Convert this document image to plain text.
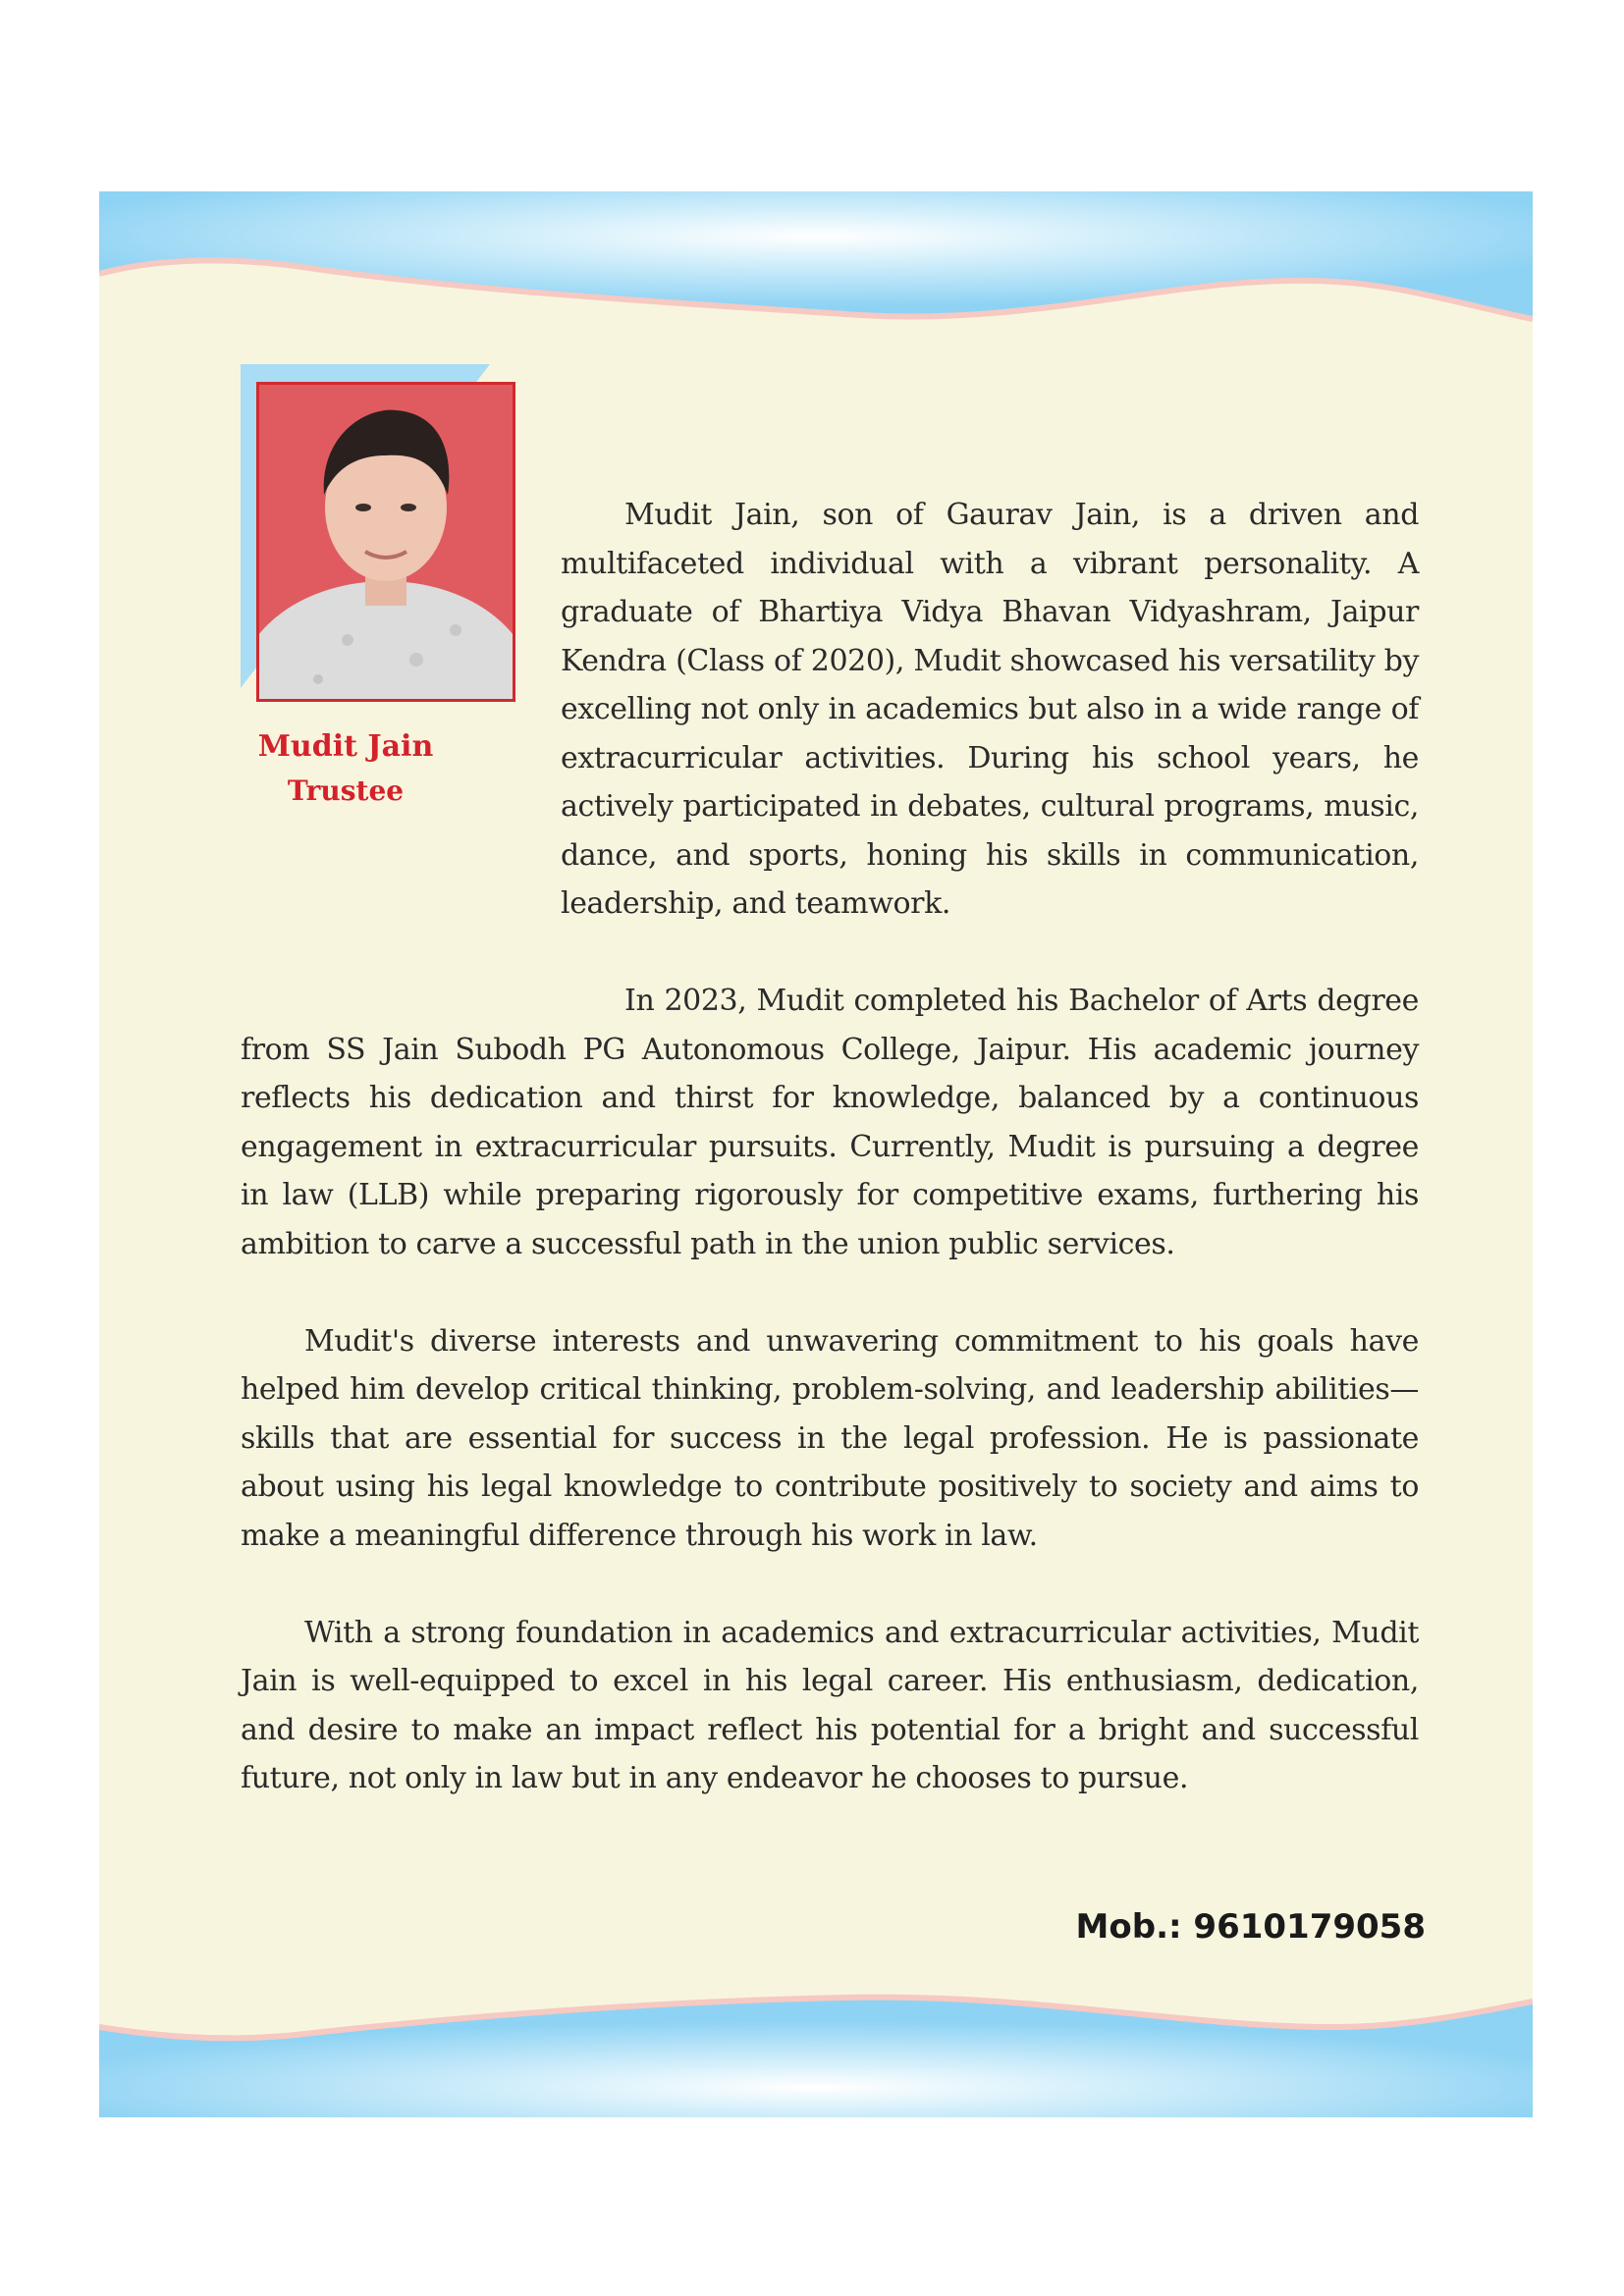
Mudit Jain
Trustee

Mudit Jain, son of Gaurav Jain, is a driven and multifaceted individual with a vibrant personality. A graduate of Bhartiya Vidya Bhavan Vidyashram, Jaipur Kendra (Class of 2020), Mudit showcased his versatility by excelling not only in academics but also in a wide range of extracurricular activities. During his school years, he actively participated in debates, cultural programs, music, dance, and sports, honing his skills in communication, leadership, and teamwork.

In 2023, Mudit completed his Bachelor of Arts degree from SS Jain Subodh PG Autonomous College, Jaipur. His academic journey reflects his dedication and thirst for knowledge, balanced by a continuous engagement in extracurricular pursuits. Currently, Mudit is pursuing a degree in law (LLB) while preparing rigorously for competitive exams, furthering his ambition to carve a successful path in the union public services.

Mudit's diverse interests and unwavering commitment to his goals have helped him develop critical thinking, problem-solving, and leadership abilities—skills that are essential for success in the legal profession. He is passionate about using his legal knowledge to contribute positively to society and aims to make a meaningful difference through his work in law.

With a strong foundation in academics and extracurricular activities, Mudit Jain is well-equipped to excel in his legal career. His enthusiasm, dedication, and desire to make an impact reflect his potential for a bright and successful future, not only in law but in any endeavor he chooses to pursue.

Mob.: 9610179058
